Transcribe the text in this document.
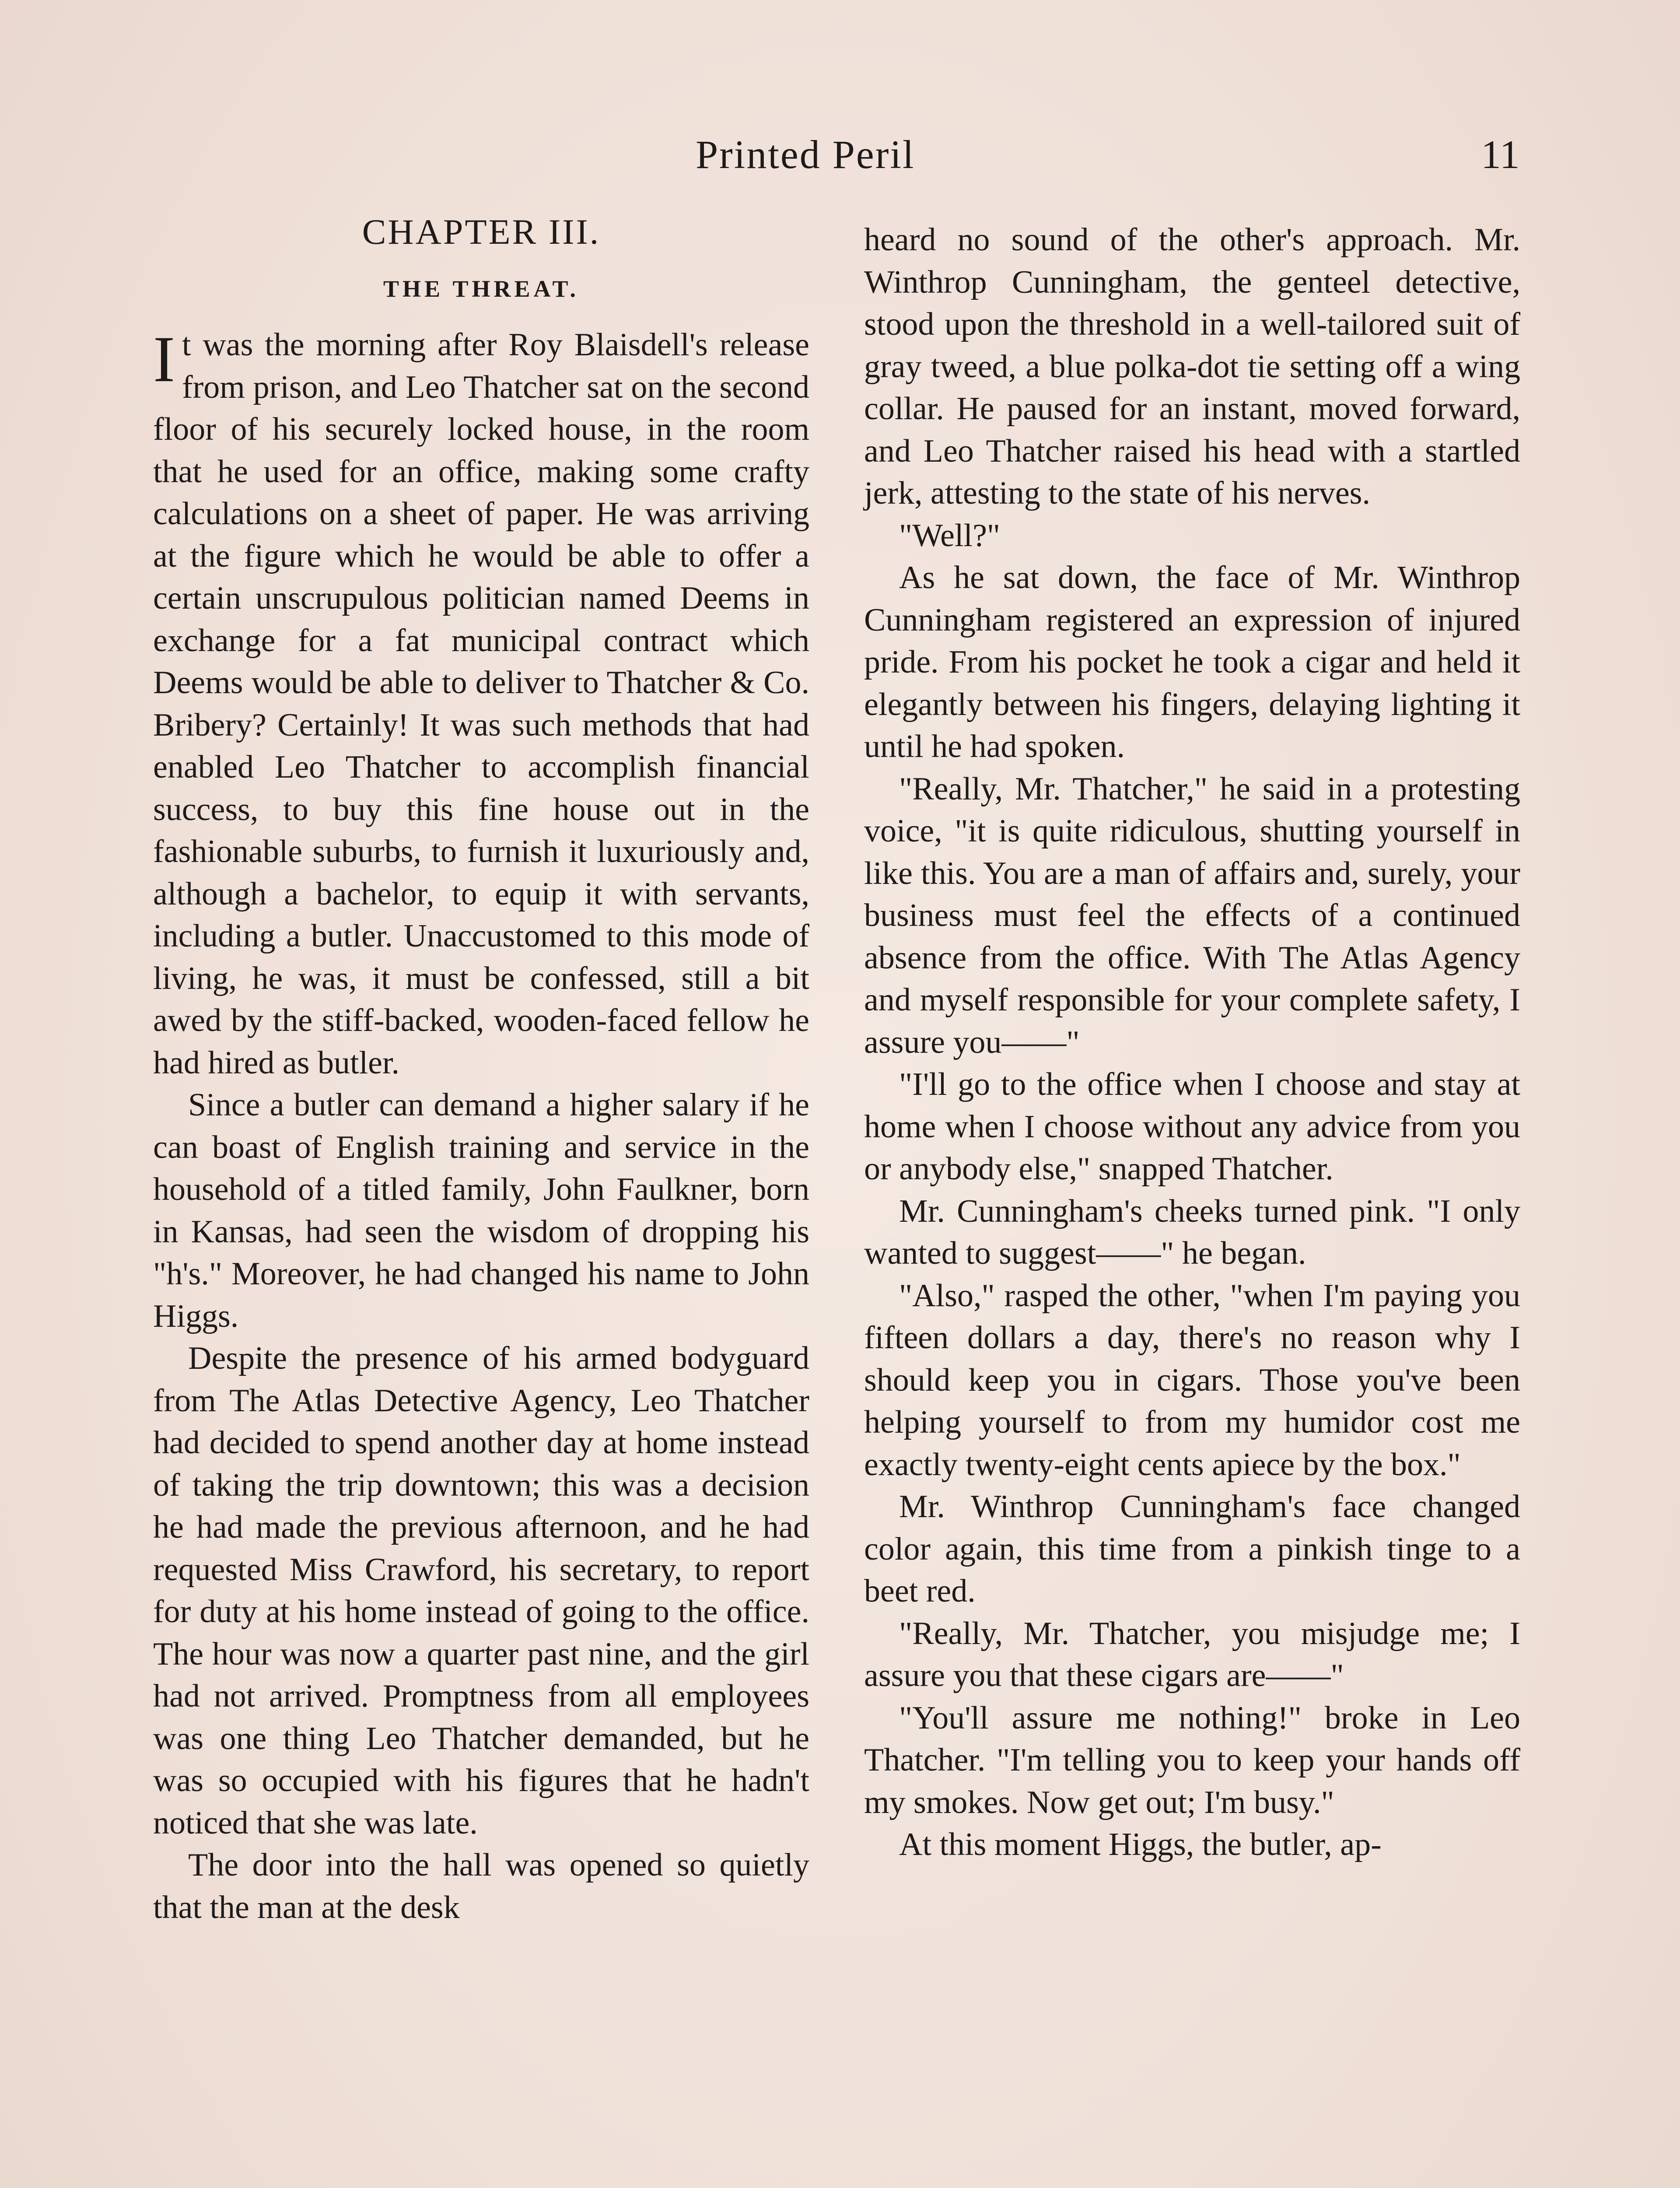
Printed Peril	11
CHAPTER III.
THE THREAT.

It was the morning after Roy Blaisdell's release from prison, and Leo Thatcher sat on the second floor of his securely locked house, in the room that he used for an office, making some crafty calculations on a sheet of paper. He was arriving at the figure which he would be able to offer a certain unscrupulous politician named Deems in exchange for a fat municipal contract which Deems would be able to deliver to Thatcher & Co. Bribery? Certainly! It was such methods that had enabled Leo Thatcher to accomplish financial success, to buy this fine house out in the fashionable suburbs, to furnish it luxuriously and, although a bachelor, to equip it with servants, including a butler. Unaccustomed to this mode of living, he was, it must be confessed, still a bit awed by the stiff-backed, wooden-faced fellow he had hired as butler.

Since a butler can demand a higher salary if he can boast of English training and service in the household of a titled family, John Faulkner, born in Kansas, had seen the wisdom of dropping his "h's." Moreover, he had changed his name to John Higgs.

Despite the presence of his armed bodyguard from The Atlas Detective Agency, Leo Thatcher had decided to spend another day at home instead of taking the trip downtown; this was a decision he had made the previous afternoon, and he had requested Miss Crawford, his secretary, to report for duty at his home instead of going to the office. The hour was now a quarter past nine, and the girl had not arrived. Promptness from all employees was one thing Leo Thatcher demanded, but he was so occupied with his figures that he hadn't noticed that she was late.

The door into the hall was opened so quietly that the man at the desk

heard no sound of the other's approach. Mr. Winthrop Cunningham, the genteel detective, stood upon the threshold in a well-tailored suit of gray tweed, a blue polka-dot tie setting off a wing collar. He paused for an instant, moved forward, and Leo Thatcher raised his head with a startled jerk, attesting to the state of his nerves.

"Well?"

As he sat down, the face of Mr. Winthrop Cunningham registered an expression of injured pride. From his pocket he took a cigar and held it elegantly between his fingers, delaying lighting it until he had spoken.

"Really, Mr. Thatcher," he said in a protesting voice, "it is quite ridiculous, shutting yourself in like this. You are a man of affairs and, surely, your business must feel the effects of a continued absence from the office. With The Atlas Agency and myself responsible for your complete safety, I assure you——"

"I'll go to the office when I choose and stay at home when I choose without any advice from you or anybody else," snapped Thatcher.

Mr. Cunningham's cheeks turned pink. "I only wanted to suggest——" he began.

"Also," rasped the other, "when I'm paying you fifteen dollars a day, there's no reason why I should keep you in cigars. Those you've been helping yourself to from my humidor cost me exactly twenty-eight cents apiece by the box."

Mr. Winthrop Cunningham's face changed color again, this time from a pinkish tinge to a beet red.

"Really, Mr. Thatcher, you misjudge me; I assure you that these cigars are——"

"You'll assure me nothing!" broke in Leo Thatcher. "I'm telling you to keep your hands off my smokes. Now get out; I'm busy."

At this moment Higgs, the butler, ap-
